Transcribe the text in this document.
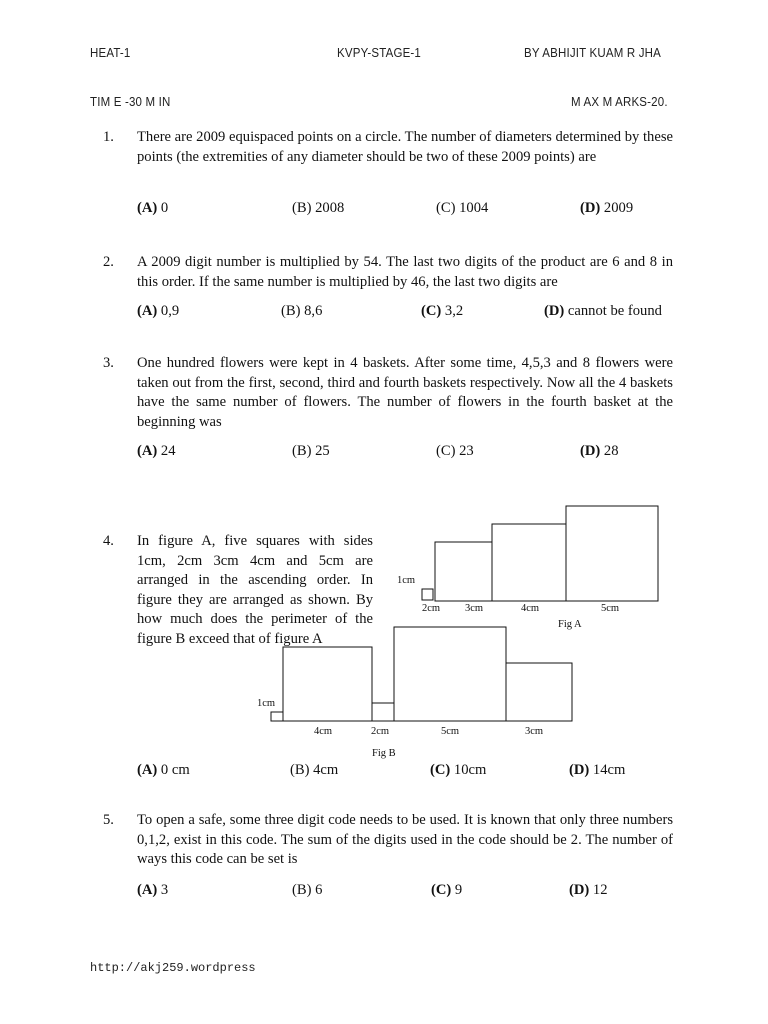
HEAT-1	KVPY-STAGE-1	BY ABHIJIT KUAM R JHA
TIM E -30 M IN	M AX M ARKS-20.
1. There are 2009 equispaced points on a circle. The number of diameters determined by these points (the extremities of any diameter should be two of these 2009 points) are
(A) 0	(B) 2008	(C) 1004	(D) 2009
2. A 2009 digit number is multiplied by 54. The last two digits of the product are 6 and 8 in this order. If the same number is multiplied by 46, the last two digits are
(A) 0,9	(B) 8,6	(C) 3,2	(D) cannot be found
3. One hundred flowers were kept in 4 baskets. After some time, 4,5,3 and 8 flowers were taken out from the first, second, third and fourth baskets respectively. Now all the 4 baskets have the same number of flowers. The number of flowers in the fourth basket at the beginning was
(A) 24	(B) 25	(C) 23	(D) 28
4. In figure A, five squares with sides 1cm, 2cm 3cm 4cm and 5cm are arranged in the ascending order. In figure they are arranged as shown. By how much does the perimeter of the figure B exceed that of figure A
1cm
2cm 3cm	4cm	5cm
Fig A
1cm
4cm	2cm	5cm	3cm
Fig B
(A) 0 cm	(B) 4cm	(C) 10cm	(D) 14cm
5. To open a safe, some three digit code needs to be used. It is known that only three numbers 0,1,2, exist in this code. The sum of the digits used in the code should be 2. The number of ways this code can be set is
(A) 3	(B) 6	(C) 9	(D) 12
http://akj259.wordpress
